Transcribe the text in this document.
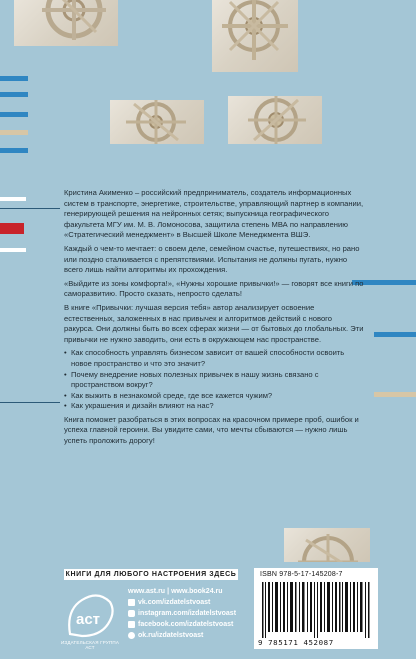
Кристина Акименко – российский предприниматель, создатель информационных систем в транспорте, энергетике, строительстве, управляющий партнер в компании, генерирующей решения на нейронных сетях; выпускница географического факультета МГУ им. М. В. Ломоносова, защитила степень МВА по направлению «Стратегический менеджмент» в Высшей Школе Менеджмента ВШЭ.

Каждый о чем-то мечтает: о своем деле, семейном счастье, путешествиях, но рано или поздно сталкивается с препятствиями. Испытания не должны пугать, нужно всего лишь найти алгоритмы их прохождения.

«Выйдите из зоны комфорта!», «Нужны хорошие привычки!» — говорят все книги по саморазвитию. Просто сказать, непросто сделать!

В книге «Привычки: лучшая версия тебя» автор анализирует освоение естественных, заложенных в нас привычек и алгоритмов действий с нового ракурса. Они должны быть во всех сферах жизни — от бытовых до глобальных. Эти привычки не нужно заводить, они есть в окружающем нас пространстве.

• Как способность управлять бизнесом зависит от вашей способности освоить новое пространство и что это значит?
• Почему внедрение новых полезных привычек в нашу жизнь связано с пространством вокруг?
• Как выжить в незнакомой среде, где все кажется чужим?
• Как украшения и дизайн влияют на нас?

Книга поможет разобраться в этих вопросах на красочном примере проб, ошибок и успеха главной героини. Вы увидите сами, что мечты сбываются — нужно лишь успеть проложить дорогу!

КНИГИ ДЛЯ ЛЮБОГО НАСТРОЕНИЯ ЗДЕСЬ
аст
ИЗДАТЕЛЬСКАЯ ГРУППА АСТ
www.ast.ru | www.book24.ru
vk.com/izdatelstvoast
instagram.com/izdatelstvoast
facebook.com/izdatelstvoast
ok.ru/izdatelstvoast
ISBN 978-5-17-145208-7
9 785171 452087
